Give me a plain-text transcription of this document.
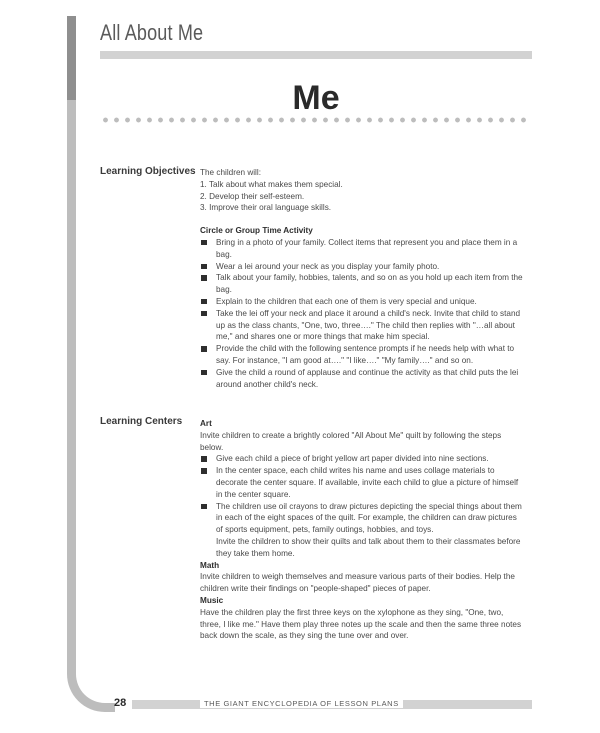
All About Me
Me
Learning Objectives The children will:

1. Talk about what makes them special.

2. Develop their self-esteem.

3. Improve their oral language skills.

Circle or Group Time Activity

Bring in a photo of your family. Collect items that represent you and place them in a bag.
Wear a lei around your neck as you display your family photo.
Talk about your family, hobbies, talents, and so on as you hold up each item from the bag.
Explain to the children that each one of them is very special and unique.
Take the lei off your neck and place it around a child's neck. Invite that child to stand up as the class chants, "One, two, three…." The child then replies with "…all about me," and shares one or more things that make him special.
Provide the child with the following sentence prompts if he needs help with what to say. For instance, "I am good at…." "I like…." "My family…." and so on.
Give the child a round of applause and continue the activity as that child puts the lei around another child's neck.
Learning Centers	Art

Invite children to create a brightly colored "All About Me" quilt by following the steps below.

Give each child a piece of bright yellow art paper divided into nine sections.
In the center space, each child writes his name and uses collage materials to decorate the center square. If available, invite each child to glue a picture of himself in the center square.
The children use oil crayons to draw pictures depicting the special things about them in each of the eight spaces of the quilt. For example, the children can draw pictures of sports equipment, pets, family outings, hobbies, and toys.

Invite the children to show their quilts and talk about them to their classmates before they take them home.

Math

Invite children to weigh themselves and measure various parts of their bodies. Help the children write their findings on "people-shaped" pieces of paper.

Music

Have the children play the first three keys on the xylophone as they sing, "One, two, three, I like me." Have them play three notes up the scale and then the same three notes back down the scale, as they sing the tune over and over.

28	THE GIANT ENCYCLOPEDIA OF LESSON PLANS
